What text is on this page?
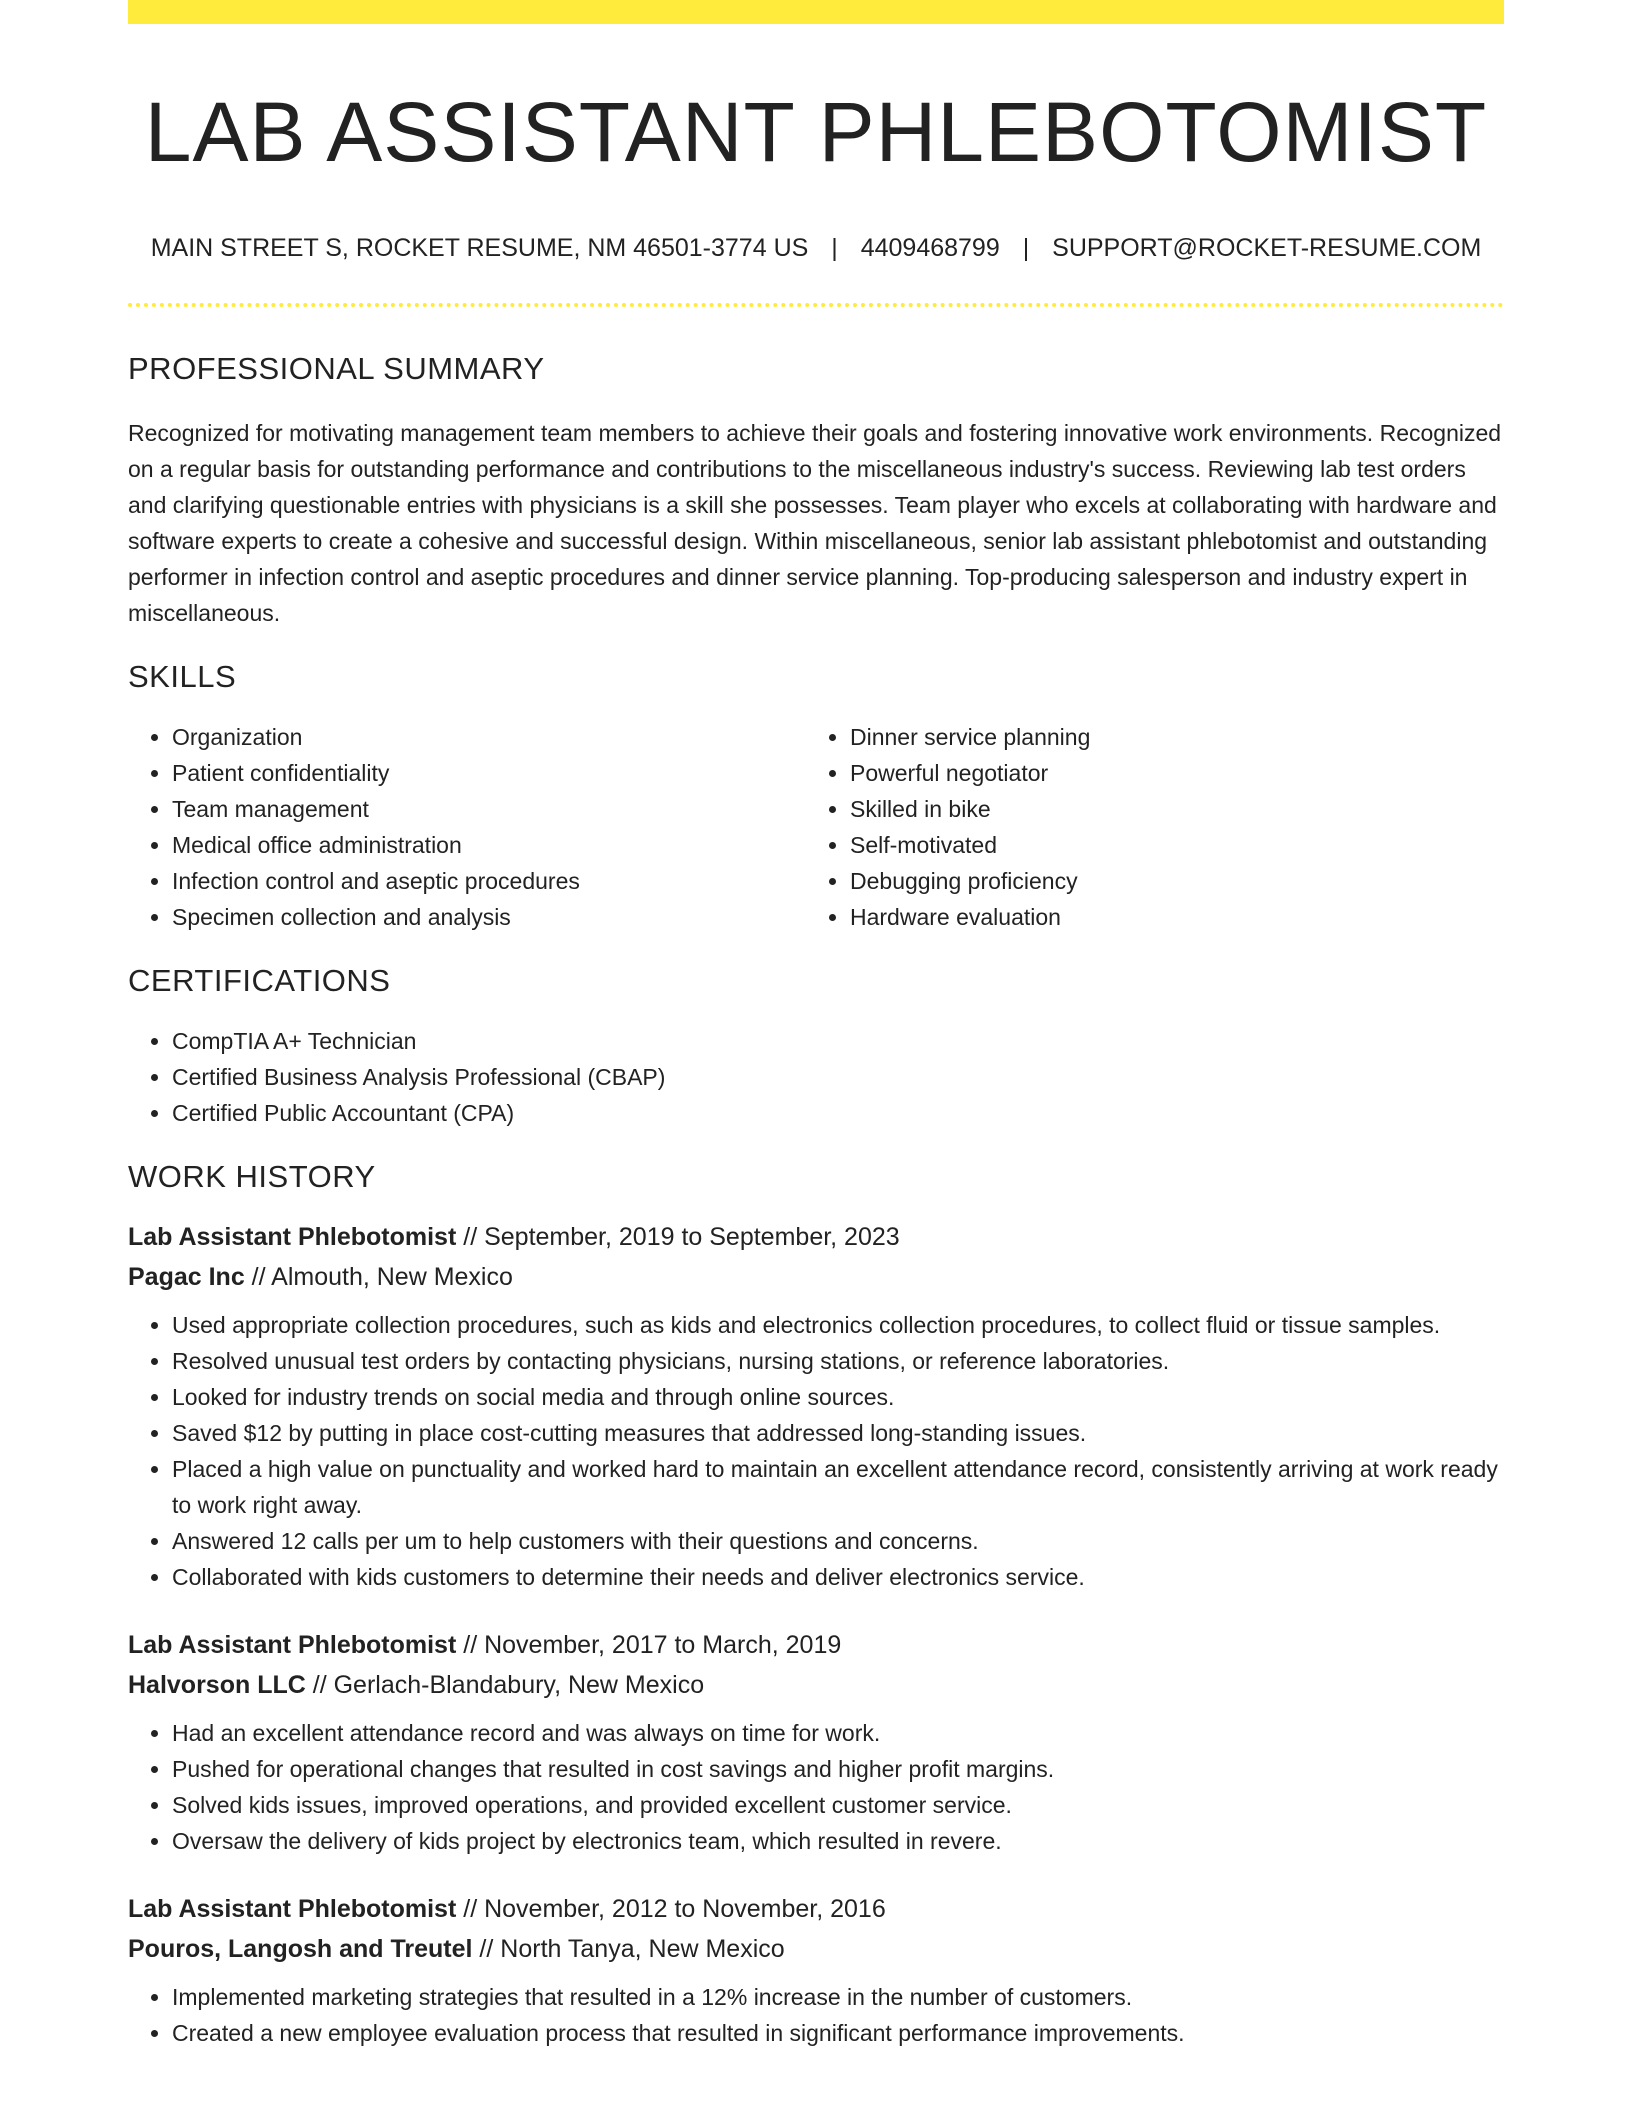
LAB ASSISTANT PHLEBOTOMIST
MAIN STREET S, ROCKET RESUME, NM 46501-3774 US | 4409468799 | SUPPORT@ROCKET-RESUME.COM
PROFESSIONAL SUMMARY
Recognized for motivating management team members to achieve their goals and fostering innovative work environments. Recognized on a regular basis for outstanding performance and contributions to the miscellaneous industry's success. Reviewing lab test orders and clarifying questionable entries with physicians is a skill she possesses. Team player who excels at collaborating with hardware and software experts to create a cohesive and successful design. Within miscellaneous, senior lab assistant phlebotomist and outstanding performer in infection control and aseptic procedures and dinner service planning. Top-producing salesperson and industry expert in miscellaneous.
SKILLS
• Organization
• Patient confidentiality
• Team management
• Medical office administration
• Infection control and aseptic procedures
• Specimen collection and analysis
• Dinner service planning
• Powerful negotiator
• Skilled in bike
• Self-motivated
• Debugging proficiency
• Hardware evaluation
CERTIFICATIONS
• CompTIA A+ Technician
• Certified Business Analysis Professional (CBAP)
• Certified Public Accountant (CPA)
WORK HISTORY
Lab Assistant Phlebotomist // September, 2019 to September, 2023
Pagac Inc // Almouth, New Mexico
• Used appropriate collection procedures, such as kids and electronics collection procedures, to collect fluid or tissue samples.
• Resolved unusual test orders by contacting physicians, nursing stations, or reference laboratories.
• Looked for industry trends on social media and through online sources.
• Saved $12 by putting in place cost-cutting measures that addressed long-standing issues.
• Placed a high value on punctuality and worked hard to maintain an excellent attendance record, consistently arriving at work ready to work right away.
• Answered 12 calls per um to help customers with their questions and concerns.
• Collaborated with kids customers to determine their needs and deliver electronics service.
Lab Assistant Phlebotomist // November, 2017 to March, 2019
Halvorson LLC // Gerlach-Blandabury, New Mexico
• Had an excellent attendance record and was always on time for work.
• Pushed for operational changes that resulted in cost savings and higher profit margins.
• Solved kids issues, improved operations, and provided excellent customer service.
• Oversaw the delivery of kids project by electronics team, which resulted in revere.
Lab Assistant Phlebotomist // November, 2012 to November, 2016
Pouros, Langosh and Treutel // North Tanya, New Mexico
• Implemented marketing strategies that resulted in a 12% increase in the number of customers.
• Created a new employee evaluation process that resulted in significant performance improvements.
